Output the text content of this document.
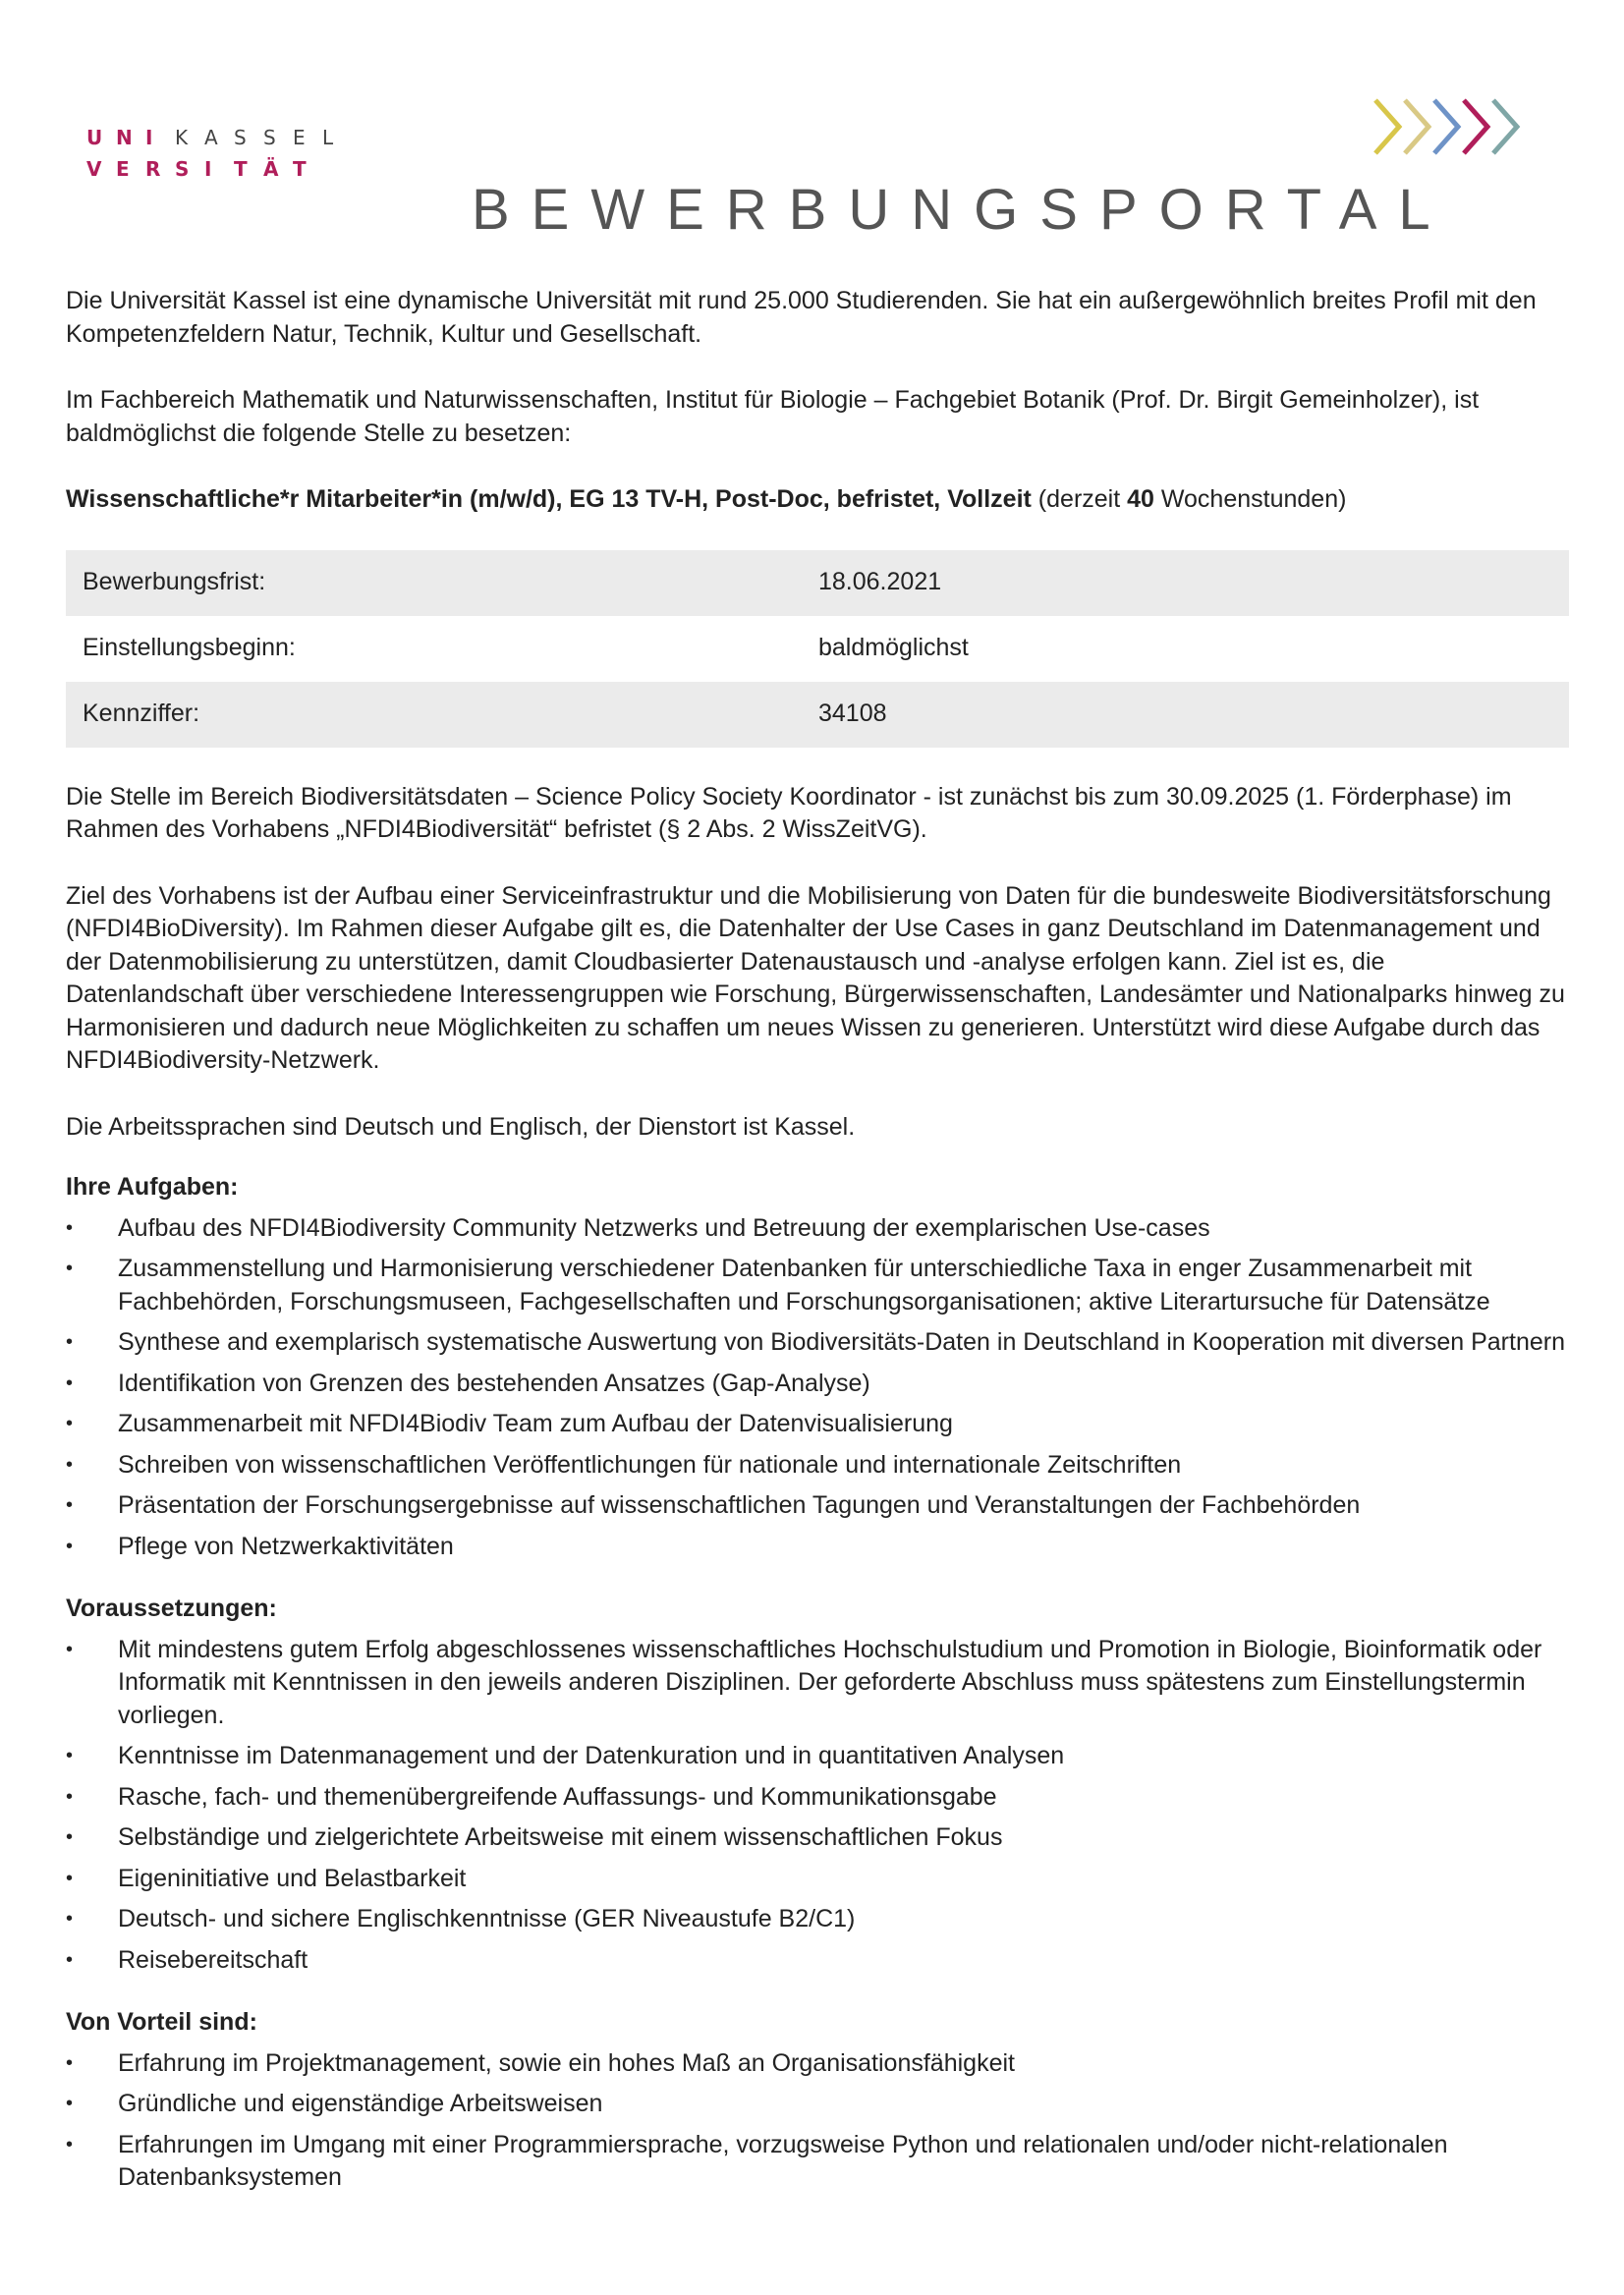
U N I	K A S S E L
V E R S I	T Ä T
BEWERBUNGSPORTAL
Die Universität Kassel ist eine dynamische Universität mit rund 25.000 Studierenden. Sie hat ein außergewöhnlich breites Profil mit den Kompetenzfeldern Natur, Technik, Kultur und Gesellschaft.
Im Fachbereich Mathematik und Naturwissenschaften, Institut für Biologie – Fachgebiet Botanik (Prof. Dr. Birgit Gemeinholzer), ist baldmöglichst die folgende Stelle zu besetzen:
Wissenschaftliche*r Mitarbeiter*in (m/w/d), EG 13 TV-H, Post-Doc, befristet, Vollzeit (derzeit 40 Wochenstunden)
Bewerbungsfrist:	18.06.2021
Einstellungsbeginn:	baldmöglichst
Kennziffer:	34108
Die Stelle im Bereich Biodiversitätsdaten – Science Policy Society Koordinator - ist zunächst bis zum 30.09.2025 (1. Förderphase) im Rahmen des Vorhabens „NFDI4Biodiversität“ befristet (§ 2 Abs. 2 WissZeitVG).
Ziel des Vorhabens ist der Aufbau einer Serviceinfrastruktur und die Mobilisierung von Daten für die bundesweite Biodiversitätsforschung (NFDI4BioDiversity). Im Rahmen dieser Aufgabe gilt es, die Datenhalter der Use Cases in ganz Deutschland im Datenmanagement und der Datenmobilisierung zu unterstützen, damit Cloudbasierter Datenaustausch und -analyse erfolgen kann. Ziel ist es, die Datenlandschaft über verschiedene Interessengruppen wie Forschung, Bürgerwissenschaften, Landesämter und Nationalparks hinweg zu Harmonisieren und dadurch neue Möglichkeiten zu schaffen um neues Wissen zu generieren. Unterstützt wird diese Aufgabe durch das NFDI4Biodiversity-Netzwerk.
Die Arbeitssprachen sind Deutsch und Englisch, der Dienstort ist Kassel.
Ihre Aufgaben:
• Aufbau des NFDI4Biodiversity Community Netzwerks und Betreuung der exemplarischen Use-cases
• Zusammenstellung und Harmonisierung verschiedener Datenbanken für unterschiedliche Taxa in enger Zusammenarbeit mit Fachbehörden, Forschungsmuseen, Fachgesellschaften und Forschungsorganisationen; aktive Literartursuche für Datensätze
• Synthese and exemplarisch systematische Auswertung von Biodiversitäts-Daten in Deutschland in Kooperation mit diversen Partnern
• Identifikation von Grenzen des bestehenden Ansatzes (Gap-Analyse)
• Zusammenarbeit mit NFDI4Biodiv Team zum Aufbau der Datenvisualisierung
• Schreiben von wissenschaftlichen Veröffentlichungen für nationale und internationale Zeitschriften
• Präsentation der Forschungsergebnisse auf wissenschaftlichen Tagungen und Veranstaltungen der Fachbehörden
• Pflege von Netzwerkaktivitäten
Voraussetzungen:
• Mit mindestens gutem Erfolg abgeschlossenes wissenschaftliches Hochschulstudium und Promotion in Biologie, Bioinformatik oder Informatik mit Kenntnissen in den jeweils anderen Disziplinen. Der geforderte Abschluss muss spätestens zum Einstellungstermin vorliegen.
• Kenntnisse im Datenmanagement und der Datenkuration und in quantitativen Analysen
• Rasche, fach- und themenübergreifende Auffassungs- und Kommunikationsgabe
• Selbständige und zielgerichtete Arbeitsweise mit einem wissenschaftlichen Fokus
• Eigeninitiative und Belastbarkeit
• Deutsch- und sichere Englischkenntnisse (GER Niveaustufe B2/C1)
• Reisebereitschaft
Von Vorteil sind:
• Erfahrung im Projektmanagement, sowie ein hohes Maß an Organisationsfähigkeit
• Gründliche und eigenständige Arbeitsweisen
• Erfahrungen im Umgang mit einer Programmiersprache, vorzugsweise Python und relationalen und/oder nicht-relationalen Datenbanksystemen
